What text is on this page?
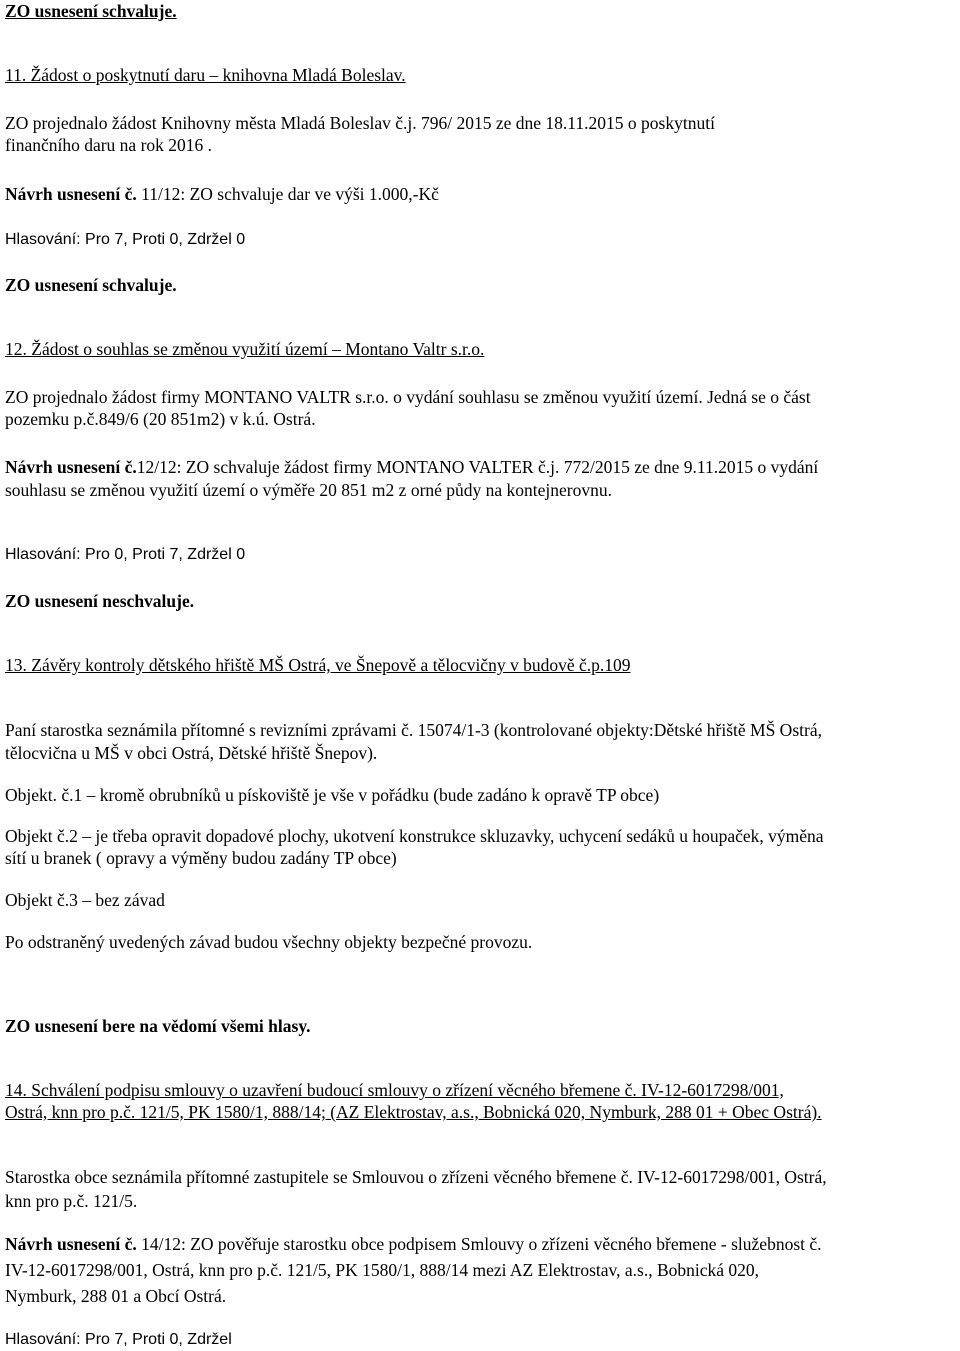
ZO usnesení schvaluje.
11. Žádost o poskytnutí daru – knihovna Mladá Boleslav.
ZO projednalo žádost Knihovny města Mladá Boleslav č.j. 796/ 2015 ze dne 18.11.2015 o poskytnutí
finančního daru na rok 2016 .
Návrh usnesení č. 11/12: ZO schvaluje dar ve výši 1.000,-Kč
Hlasování: Pro 7, Proti 0, Zdržel 0
ZO usnesení schvaluje.
12. Žádost o souhlas se změnou využití území – Montano Valtr s.r.o.
ZO projednalo žádost firmy MONTANO VALTR s.r.o. o vydání souhlasu se změnou využití území. Jedná se o část
pozemku p.č.849/6 (20 851m2) v k.ú. Ostrá.
Návrh usnesení č.12/12: ZO schvaluje žádost firmy MONTANO VALTER č.j. 772/2015 ze dne 9.11.2015 o vydání
souhlasu se změnou využití území o výměře 20 851 m2 z orné půdy na kontejnerovnu.
Hlasování: Pro 0, Proti 7, Zdržel 0
ZO usnesení neschvaluje.
13. Závěry kontroly dětského hřiště MŠ Ostrá, ve Šnepově a tělocvičny v budově č.p.109
Paní starostka seznámila přítomné s revizními zprávami č. 15074/1-3 (kontrolované objekty:Dětské hřiště MŠ Ostrá,
tělocvična u MŠ v obci Ostrá, Dětské hřiště Šnepov).
Objekt. č.1 – kromě obrubníků u pískoviště je vše v pořádku (bude zadáno k opravě TP obce)
Objekt č.2 – je třeba opravit dopadové plochy, ukotvení konstrukce skluzavky, uchycení sedáků u houpaček, výměna
sítí u branek ( opravy a výměny budou zadány TP obce)
Objekt č.3 – bez závad
Po odstraněný uvedených závad budou všechny objekty bezpečné provozu.
ZO usnesení bere na vědomí všemi hlasy.
14. Schválení podpisu smlouvy o uzavření budoucí smlouvy o zřízení věcného břemene č. IV-12-6017298/001,
Ostrá, knn pro p.č. 121/5, PK 1580/1, 888/14; (AZ Elektrostav, a.s., Bobnická 020, Nymburk, 288 01 + Obec Ostrá).
Starostka obce seznámila přítomné zastupitele se Smlouvou o zřízeni věcného břemene č. IV-12-6017298/001, Ostrá,
knn pro p.č. 121/5.
Návrh usnesení č. 14/12: ZO pověřuje starostku obce podpisem Smlouvy o zřízeni věcného břemene - služebnost č.
IV-12-6017298/001, Ostrá, knn pro p.č. 121/5, PK 1580/1, 888/14 mezi AZ Elektrostav, a.s., Bobnická 020,
Nymburk, 288 01 a Obcí Ostrá.
Hlasování: Pro 7, Proti 0, Zdržel
